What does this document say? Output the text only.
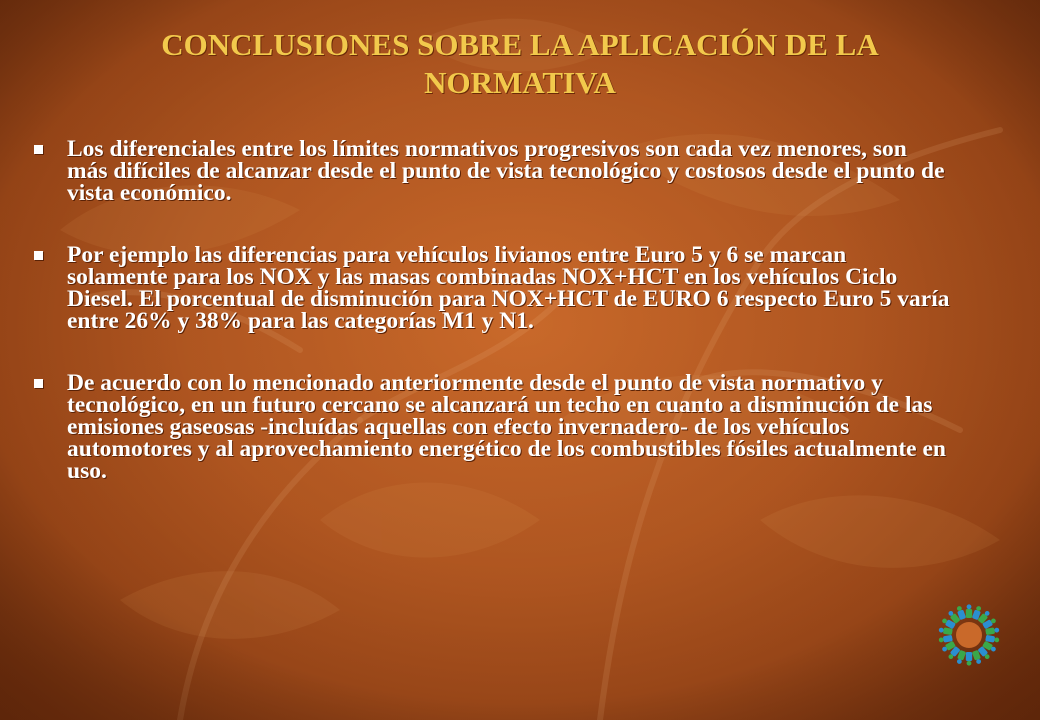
CONCLUSIONES SOBRE LA APLICACIÓN DE LA NORMATIVA
Los diferenciales entre los límites normativos progresivos son cada vez menores, son más difíciles de alcanzar desde el punto de vista tecnológico y costosos desde el punto de vista económico.
Por ejemplo las diferencias para vehículos livianos entre Euro 5 y 6 se marcan solamente para los NOX y las masas combinadas NOX+HCT en los vehículos Ciclo Diesel. El porcentual de disminución para NOX+HCT de EURO 6 respecto Euro 5 varía entre 26% y 38% para las categorías M1 y N1.
De acuerdo con lo mencionado anteriormente desde el punto de vista normativo y tecnológico, en un futuro cercano se alcanzará un techo en cuanto a disminución de las emisiones gaseosas -incluídas aquellas con efecto invernadero- de los vehículos automotores y al aprovechamiento energético de los combustibles fósiles actualmente en uso.
